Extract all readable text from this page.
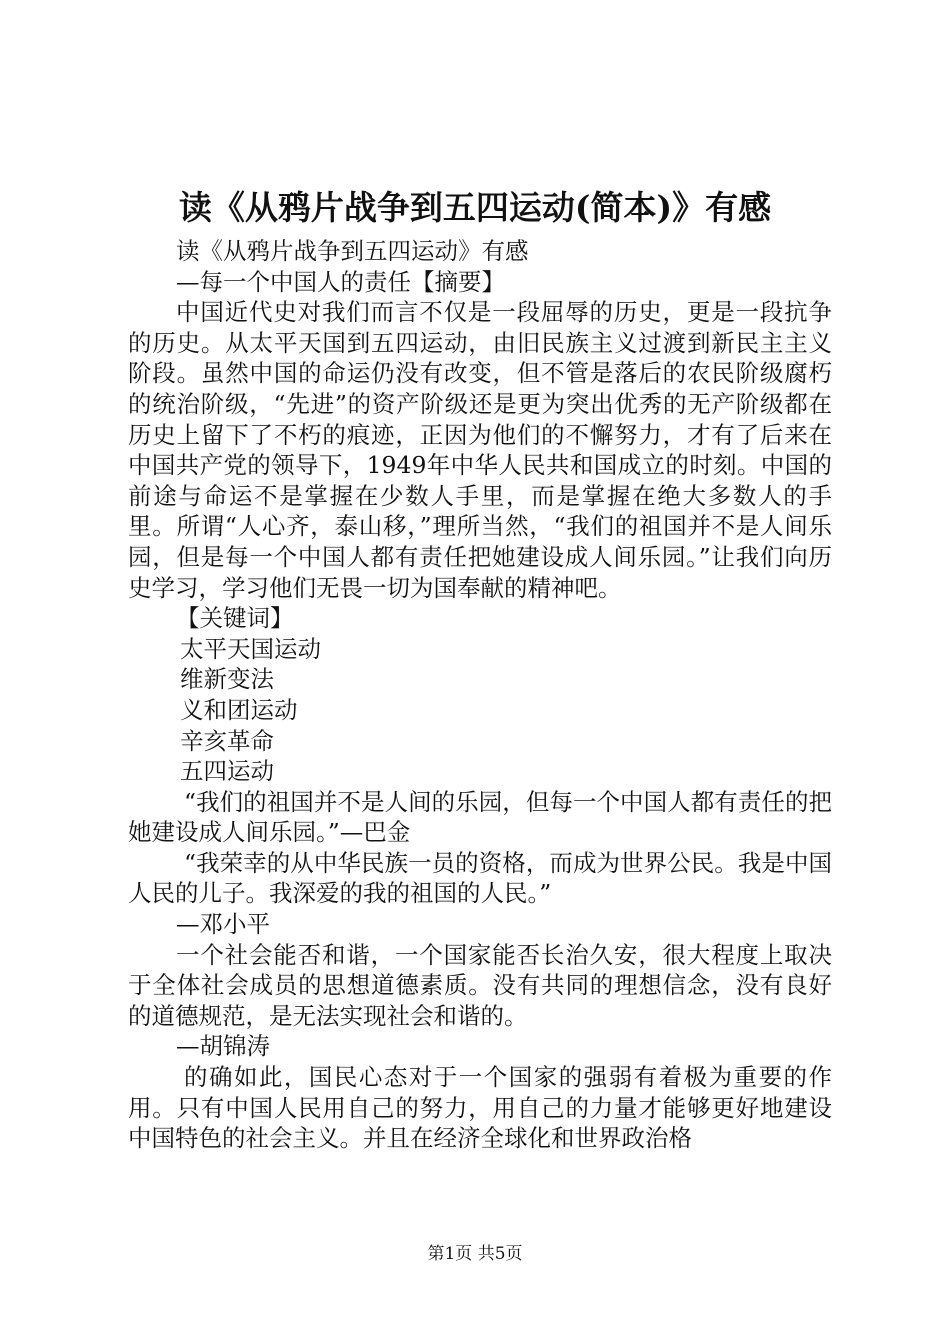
读《从鸦片战争到五四运动(简本)》有感

读《从鸦片战争到五四运动》有感

—每一个中国人的责任【摘要】

中国近代史对我们而言不仅是一段屈辱的历史，更是一段抗争的历史。从太平天国到五四运动，由旧民族主义过渡到新民主主义阶段。虽然中国的命运仍没有改变，但不管是落后的农民阶级腐朽的统治阶级，“先进”的资产阶级还是更为突出优秀的无产阶级都在历史上留下了不朽的痕迹，正因为他们的不懈努力，才有了后来在中国共产党的领导下，1949年中华人民共和国成立的时刻。中国的前途与命运不是掌握在少数人手里，而是掌握在绝大多数人的手里。所谓“人心齐，泰山移，”理所当然，“我们的祖国并不是人间乐园，但是每一个中国人都有责任把她建设成人间乐园。”让我们向历史学习，学习他们无畏一切为国奉献的精神吧。

【关键词】

太平天国运动

维新变法

义和团运动

辛亥革命

五四运动

“我们的祖国并不是人间的乐园，但每一个中国人都有责任的把她建设成人间乐园。”—巴金

“我荣幸的从中华民族一员的资格，而成为世界公民。我是中国人民的儿子。我深爱的我的祖国的人民。”

—邓小平

一个社会能否和谐，一个国家能否长治久安，很大程度上取决于全体社会成员的思想道德素质。没有共同的理想信念，没有良好的道德规范，是无法实现社会和谐的。

—胡锦涛

的确如此，国民心态对于一个国家的强弱有着极为重要的作用。只有中国人民用自己的努力，用自己的力量才能够更好地建设中国特色的社会主义。并且在经济全球化和世界政治格

第1页 共5页
